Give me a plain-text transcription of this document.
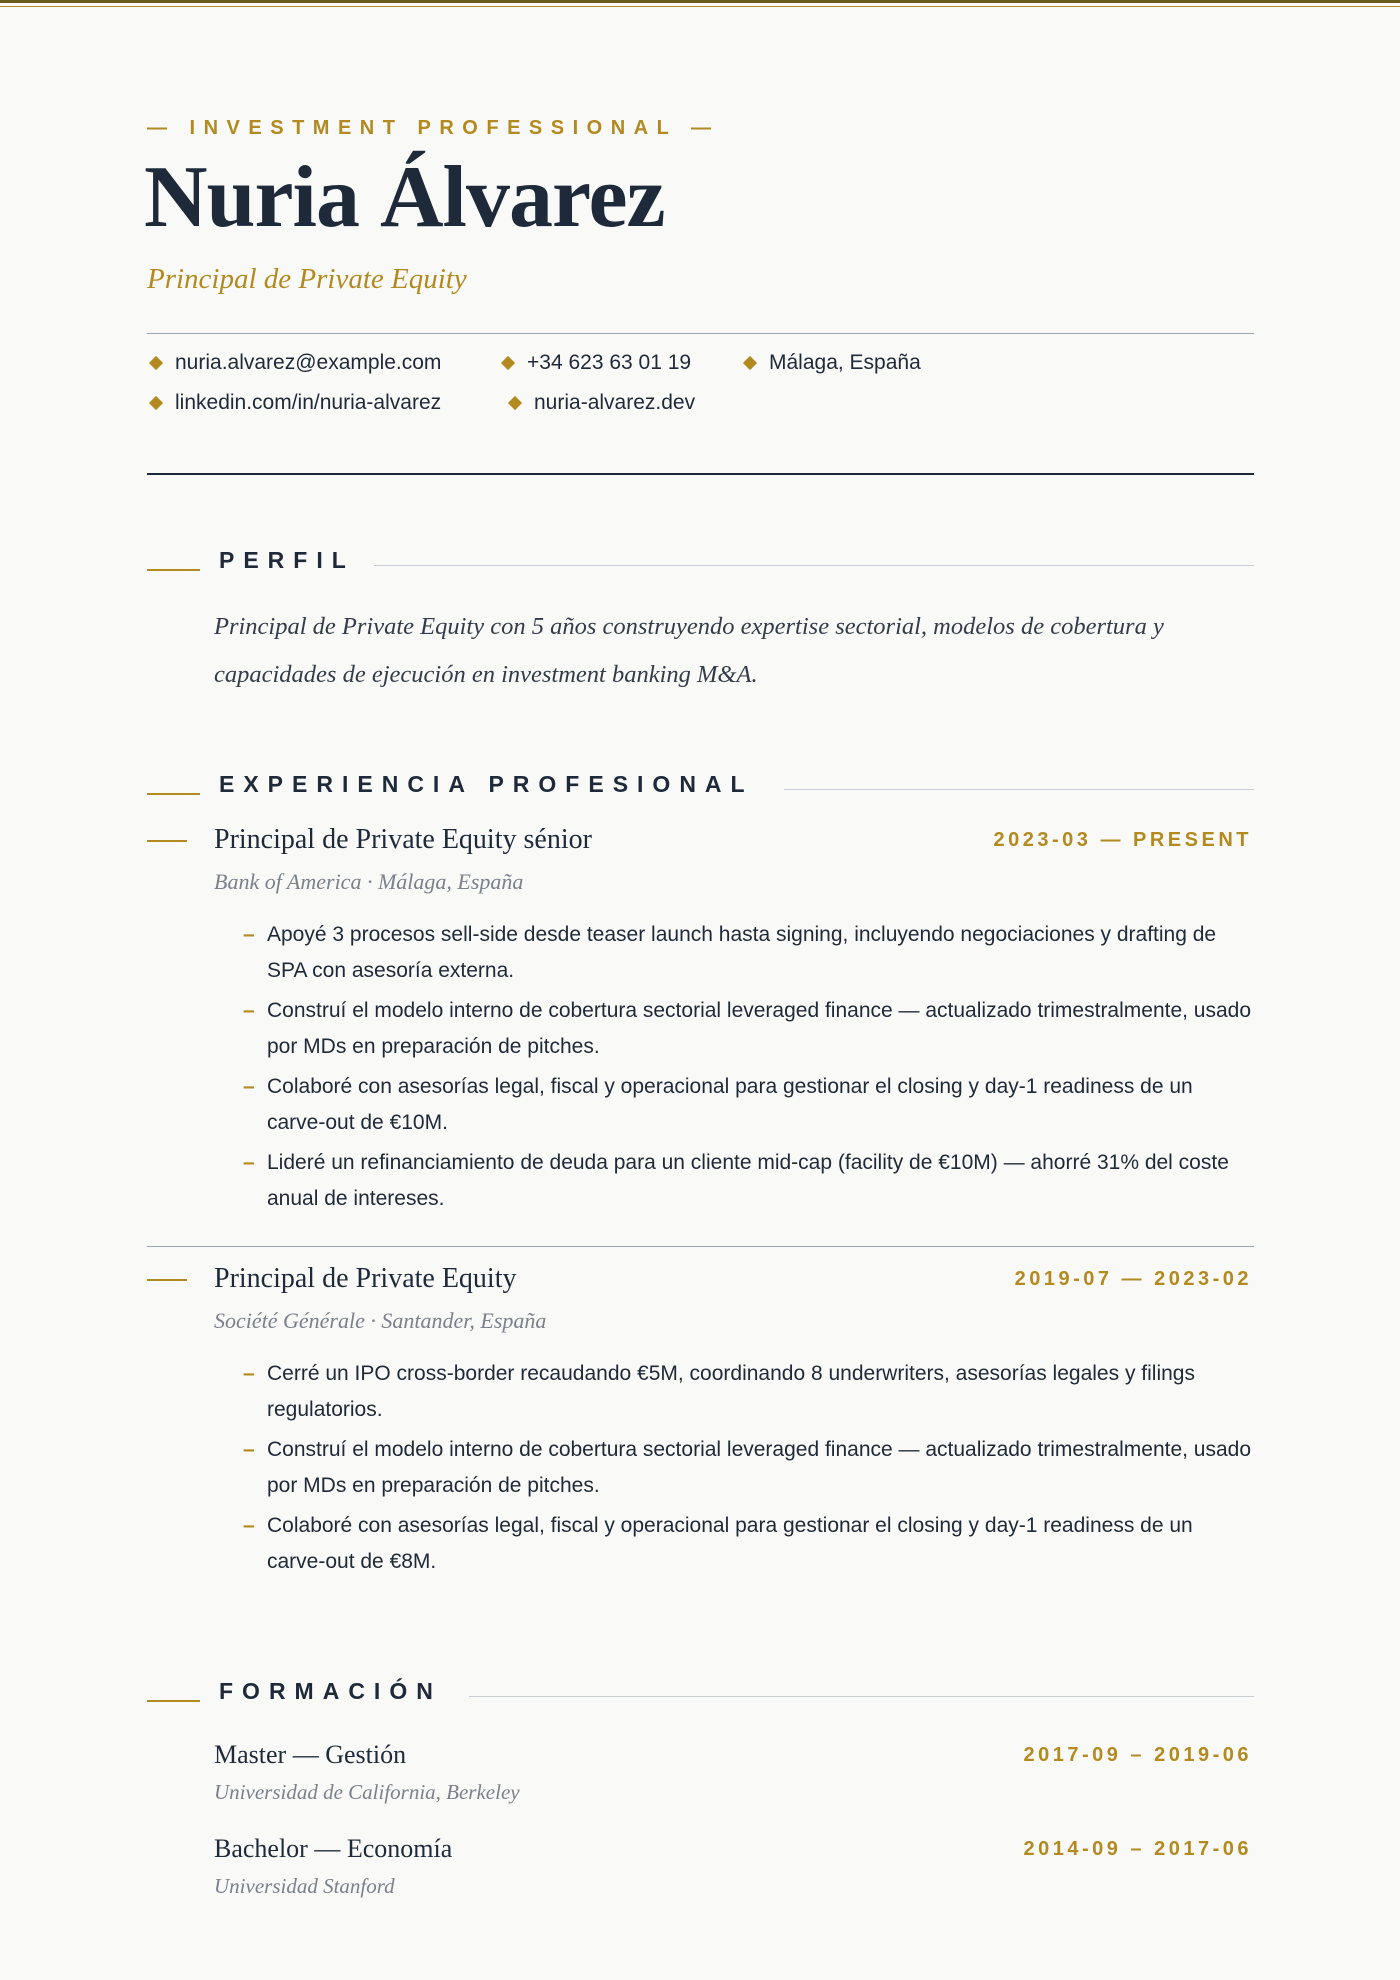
— INVESTMENT PROFESSIONAL —
Nuria Álvarez
Principal de Private Equity
nuria.alvarez@example.com	+34 623 63 01 19	Málaga, España
linkedin.com/in/nuria-alvarez	nuria-alvarez.dev
PERFIL
Principal de Private Equity con 5 años construyendo expertise sectorial, modelos de cobertura y capacidades de ejecución en investment banking M&A.
EXPERIENCIA PROFESIONAL
Principal de Private Equity sénior	2023-03 — PRESENT
Bank of America · Málaga, España
– Apoyé 3 procesos sell-side desde teaser launch hasta signing, incluyendo negociaciones y drafting de SPA con asesoría externa.
– Construí el modelo interno de cobertura sectorial leveraged finance — actualizado trimestralmente, usado por MDs en preparación de pitches.
– Colaboré con asesorías legal, fiscal y operacional para gestionar el closing y day-1 readiness de un carve-out de €10M.
– Lideré un refinanciamiento de deuda para un cliente mid-cap (facility de €10M) — ahorré 31% del coste anual de intereses.
Principal de Private Equity	2019-07 — 2023-02
Société Générale · Santander, España
– Cerré un IPO cross-border recaudando €5M, coordinando 8 underwriters, asesorías legales y filings regulatorios.
– Construí el modelo interno de cobertura sectorial leveraged finance — actualizado trimestralmente, usado por MDs en preparación de pitches.
– Colaboré con asesorías legal, fiscal y operacional para gestionar el closing y day-1 readiness de un carve-out de €8M.
FORMACIÓN
Master — Gestión	2017-09 – 2019-06
Universidad de California, Berkeley
Bachelor — Economía	2014-09 – 2017-06
Universidad Stanford
